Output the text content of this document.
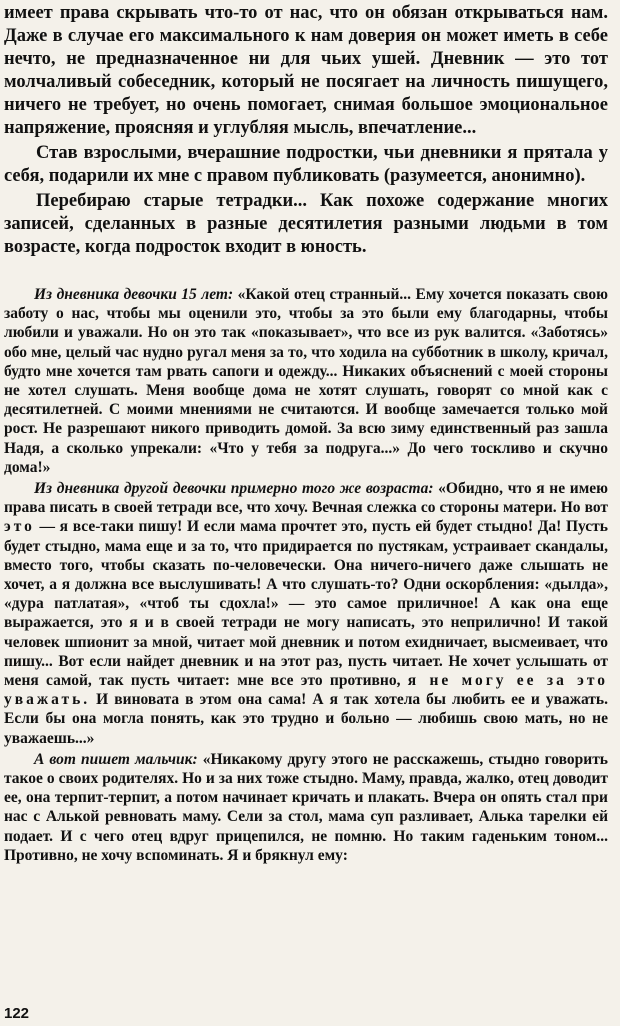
имеет права скрывать что-то от нас, что он обязан открываться нам. Даже в случае его максимального к нам доверия он может иметь в себе нечто, не предназначенное ни для чьих ушей. Дневник — это тот молчаливый собеседник, который не посягает на личность пишущего, ничего не требует, но очень помогает, снимая большое эмоциональное напряжение, проясняя и углубляя мысль, впечатление...

Став взрослыми, вчерашние подростки, чьи дневники я прятала у себя, подарили их мне с правом публиковать (разумеется, анонимно).

Перебираю старые тетрадки... Как похоже содержание многих записей, сделанных в разные десятилетия разными людьми в том возрасте, когда подросток входит в юность.

Из дневника девочки 15 лет: «Какой отец странный... Ему хочется показать свою заботу о нас, чтобы мы оценили это, чтобы за это были ему благодарны, чтобы любили и уважали. Но он это так «показывает», что все из рук валится. «Заботясь» обо мне, целый час нудно ругал меня за то, что ходила на субботник в школу, кричал, будто мне хочется там рвать сапоги и одежду... Никаких объяснений с моей стороны не хотел слушать. Меня вообще дома не хотят слушать, говорят со мной как с десятилетней. С моими мнениями не считаются. И вообще замечается только мой рост. Не разрешают никого приводить домой. За всю зиму единственный раз зашла Надя, а сколько упрекали: «Что у тебя за подруга...» До чего тоскливо и скучно дома!»

Из дневника другой девочки примерно того же возраста: «Обидно, что я не имею права писать в своей тетради все, что хочу. Вечная слежка со стороны матери. Но вот это — я все-таки пишу! И если мама прочтет это, пусть ей будет стыдно! Да! Пусть будет стыдно, мама еще и за то, что придирается по пустякам, устраивает скандалы, вместо того, чтобы сказать по-человечески. Она ничего-ничего даже слышать не хочет, а я должна все выслушивать! А что слушать-то? Одни оскорбления: «дылда», «дура патлатая», «чтоб ты сдохла!» — это самое приличное! А как она еще выражается, это я и в своей тетради не могу написать, это неприлично! И такой человек шпионит за мной, читает мой дневник и потом ехидничает, высмеивает, что пишу... Вот если найдет дневник и на этот раз, пусть читает. Не хочет услышать от меня самой, так пусть читает: мне все это противно, я не могу ее за это уважать. И виновата в этом она сама! А я так хотела бы любить ее и уважать. Если бы она могла понять, как это трудно и больно — любишь свою мать, но не уважаешь...»

А вот пишет мальчик: «Никакому другу этого не расскажешь, стыдно говорить такое о своих родителях. Но и за них тоже стыдно. Маму, правда, жалко, отец доводит ее, она терпит-терпит, а потом начинает кричать и плакать. Вчера он опять стал при нас с Алькой ревновать маму. Сели за стол, мама суп разливает, Алька тарелки ей подает. И с чего отец вдруг прицепился, не помню. Но таким гаденьким тоном... Противно, не хочу вспоминать. Я и брякнул ему:

122
